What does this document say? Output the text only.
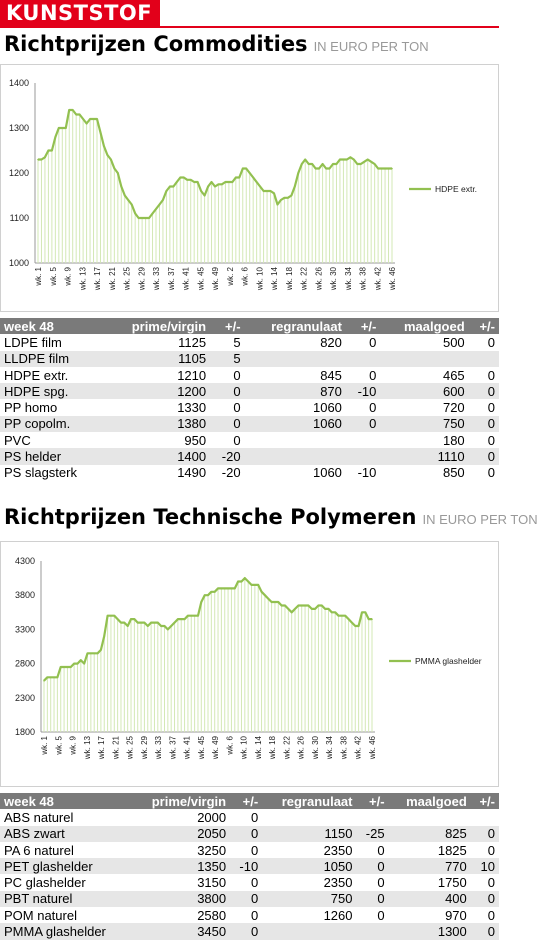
KUNSTSTOF
Richtprijzen Commodities IN EURO PER TON
1000
1100
1200
1300
1400
wk. 1 wk. 5 wk. 9 wk. 13 wk. 17 wk. 21 wk. 25 wk. 29 wk. 33 wk. 37 wk. 41 wk. 45 wk. 49 wk. 2 wk. 6 wk. 10 wk. 14 wk. 18 wk. 22 wk. 26 wk. 30 wk. 34 wk. 38 wk. 42 wk. 46
HDPE extr.
week 48	prime/virgin	+/-	regranulaat	+/-	maalgoed	+/-
LDPE film	1125	5	820	0	500	0
LLDPE film	1105	5				
HDPE extr.	1210	0	845	0	465	0
HDPE spg.	1200	0	870	-10	600	0
PP homo	1330	0	1060	0	720	0
PP copolm.	1380	0	1060	0	750	0
PVC	950	0			180	0
PS helder	1400	-20			1110	0
PS slagsterk	1490	-20	1060	-10	850	0
Richtprijzen Technische Polymeren IN EURO PER TON
1800
2300
2800
3300
3800
4300
wk. 1 wk. 5 wk. 9 wk. 13 wk. 17 wk. 21 wk. 25 wk. 29 wk. 33 wk. 37 wk. 41 wk. 45 wk. 49 wk. 6 wk. 10 wk. 14 wk. 18 wk. 22 wk. 26 wk. 30 wk. 34 wk. 38 wk. 42 wk. 46
PMMA glashelder
week 48	prime/virgin	+/-	regranulaat	+/-	maalgoed	+/-
ABS naturel	2000	0				
ABS zwart	2050	0	1150	-25	825	0
PA 6 naturel	3250	0	2350	0	1825	0
PET glashelder	1350	-10	1050	0	770	10
PC glashelder	3150	0	2350	0	1750	0
PBT naturel	3800	0	750	0	400	0
POM naturel	2580	0	1260	0	970	0
PMMA glashelder	3450	0			1300	0
